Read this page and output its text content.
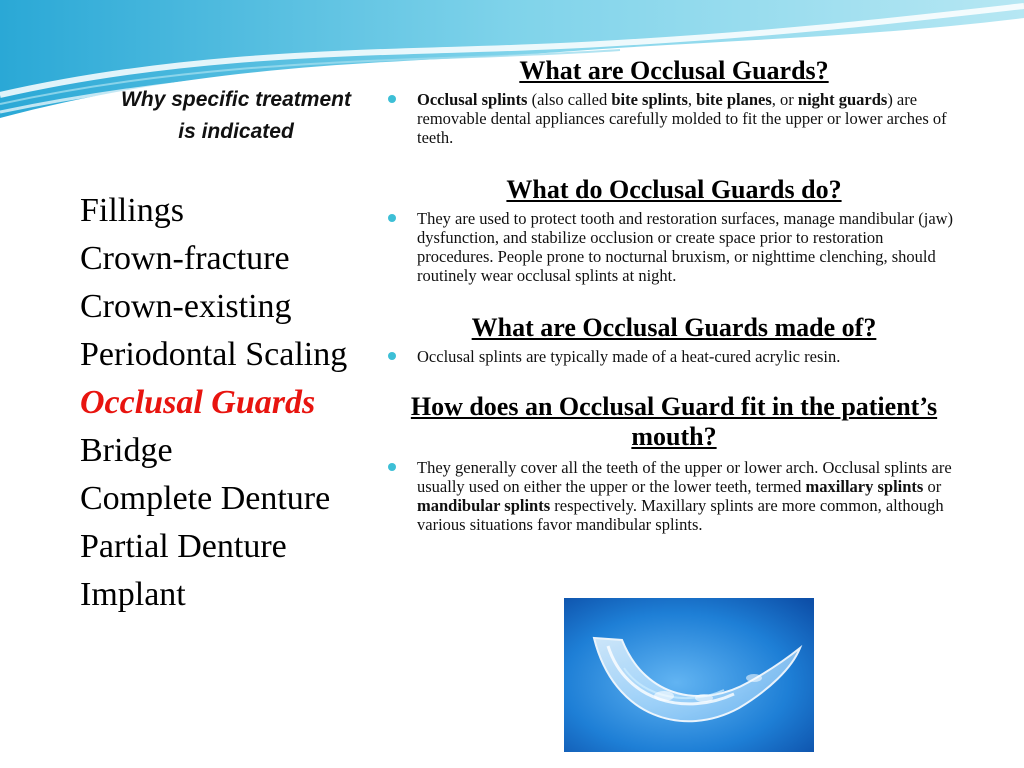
Why specific treatment
is indicated
Fillings
Crown-fracture
Crown-existing
Periodontal Scaling
Occlusal Guards
Bridge
Complete Denture
Partial Denture
Implant
What are Occlusal Guards?

Occlusal splints (also called bite splints, bite planes, or night guards) are removable dental appliances carefully molded to fit the upper or lower arches of teeth.

What do Occlusal Guards do?

They are used to protect tooth and restoration surfaces, manage mandibular (jaw) dysfunction, and stabilize occlusion or create space prior to restoration procedures. People prone to nocturnal bruxism, or nighttime clenching, should routinely wear occlusal splints at night.

What are Occlusal Guards made of?

Occlusal splints are typically made of a heat-cured acrylic resin.

How does an Occlusal Guard fit in the patient’s mouth?

They generally cover all the teeth of the upper or lower arch. Occlusal splints are usually used on either the upper or the lower teeth, termed maxillary splints or mandibular splints respectively. Maxillary splints are more common, although various situations favor mandibular splints.
